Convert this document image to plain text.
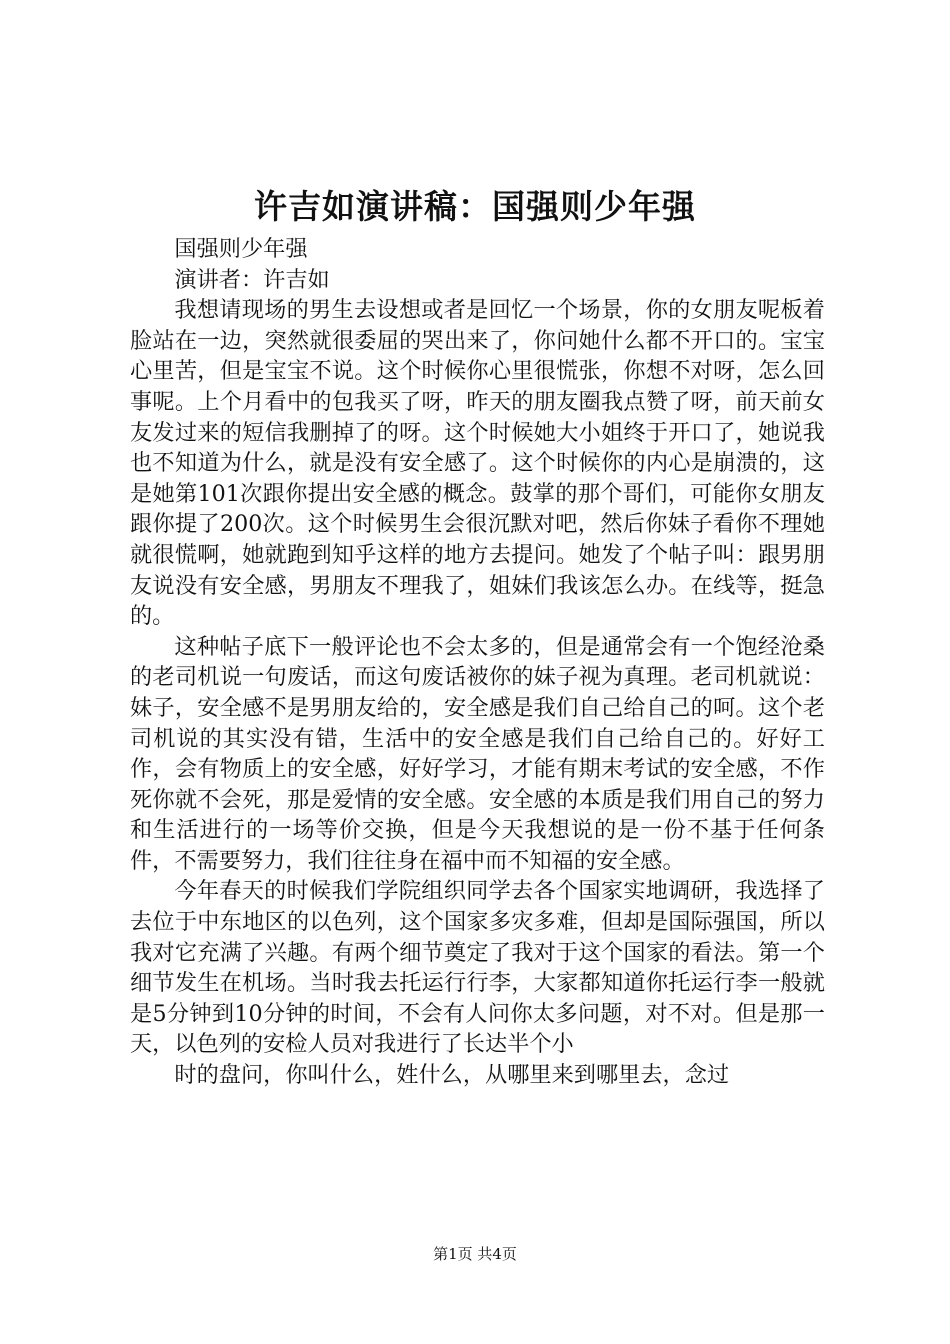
许吉如演讲稿：国强则少年强

国强则少年强

演讲者：许吉如

我想请现场的男生去设想或者是回忆一个场景，你的女朋友呢板着脸站在一边，突然就很委屈的哭出来了，你问她什么都不开口的。宝宝心里苦，但是宝宝不说。这个时候你心里很慌张，你想不对呀，怎么回事呢。上个月看中的包我买了呀，昨天的朋友圈我点赞了呀，前天前女友发过来的短信我删掉了的呀。这个时候她大小姐终于开口了，她说我也不知道为什么，就是没有安全感了。这个时候你的内心是崩溃的，这是她第101次跟你提出安全感的概念。鼓掌的那个哥们，可能你女朋友跟你提了200次。这个时候男生会很沉默对吧，然后你妹子看你不理她就很慌啊，她就跑到知乎这样的地方去提问。她发了个帖子叫：跟男朋友说没有安全感，男朋友不理我了，姐妹们我该怎么办。在线等，挺急的。

这种帖子底下一般评论也不会太多的，但是通常会有一个饱经沧桑的老司机说一句废话，而这句废话被你的妹子视为真理。老司机就说：妹子，安全感不是男朋友给的，安全感是我们自己给自己的呵。这个老司机说的其实没有错，生活中的安全感是我们自己给自己的。好好工作，会有物质上的安全感，好好学习，才能有期末考试的安全感，不作死你就不会死，那是爱情的安全感。安全感的本质是我们用自己的努力和生活进行的一场等价交换，但是今天我想说的是一份不基于任何条件，不需要努力，我们往往身在福中而不知福的安全感。

今年春天的时候我们学院组织同学去各个国家实地调研，我选择了去位于中东地区的以色列，这个国家多灾多难，但却是国际强国，所以我对它充满了兴趣。有两个细节奠定了我对于这个国家的看法。第一个细节发生在机场。当时我去托运行行李，大家都知道你托运行李一般就是5分钟到10分钟的时间，不会有人问你太多问题，对不对。但是那一天，以色列的安检人员对我进行了长达半个小

时的盘问，你叫什么，姓什么，从哪里来到哪里去，念过

第1页 共4页
